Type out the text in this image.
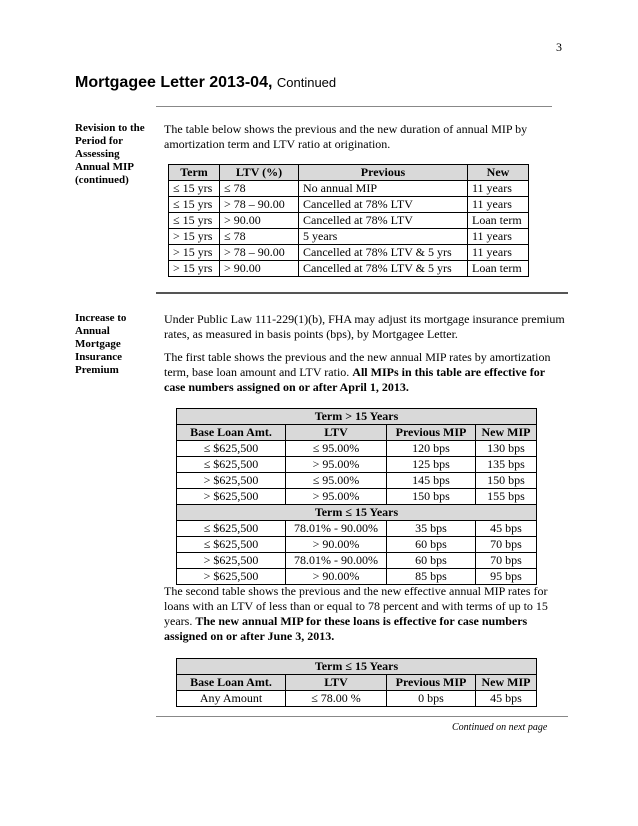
3
Mortgagee Letter 2013-04, Continued
Revision to the
Period for
Assessing
Annual MIP
(continued)
The table below shows the previous and the new duration of annual MIP by amortization term and LTV ratio at origination.
Term	LTV (%)	Previous	New
≤ 15 yrs	≤ 78	No annual MIP	11 years
≤ 15 yrs	> 78 – 90.00	Cancelled at 78% LTV	11 years
≤ 15 yrs	> 90.00	Cancelled at 78% LTV	Loan term
> 15 yrs	≤ 78	5 years	11 years
> 15 yrs	> 78 – 90.00	Cancelled at 78% LTV & 5 yrs	11 years
> 15 yrs	> 90.00	Cancelled at 78% LTV & 5 yrs	Loan term
Increase to
Annual
Mortgage
Insurance
Premium
Under Public Law 111-229(1)(b), FHA may adjust its mortgage insurance premium rates, as measured in basis points (bps), by Mortgagee Letter.
The first table shows the previous and the new annual MIP rates by amortization term, base loan amount and LTV ratio. All MIPs in this table are effective for case numbers assigned on or after April 1, 2013.
Term > 15 Years			
Base Loan Amt.	LTV	Previous MIP	New MIP
≤ $625,500	≤ 95.00%	120 bps	130 bps
≤ $625,500	> 95.00%	125 bps	135 bps
> $625,500	≤ 95.00%	145 bps	150 bps
> $625,500	> 95.00%	150 bps	155 bps
Term ≤ 15 Years			
≤ $625,500	78.01% - 90.00%	35 bps	45 bps
≤ $625,500	> 90.00%	60 bps	70 bps
> $625,500	78.01% - 90.00%	60 bps	70 bps
> $625,500	> 90.00%	85 bps	95 bps
The second table shows the previous and the new effective annual MIP rates for loans with an LTV of less than or equal to 78 percent and with terms of up to 15 years. The new annual MIP for these loans is effective for case numbers assigned on or after June 3, 2013.
Term ≤ 15 Years			
Base Loan Amt.	LTV	Previous MIP	New MIP
Any Amount	≤ 78.00 %	0 bps	45 bps
Continued on next page
